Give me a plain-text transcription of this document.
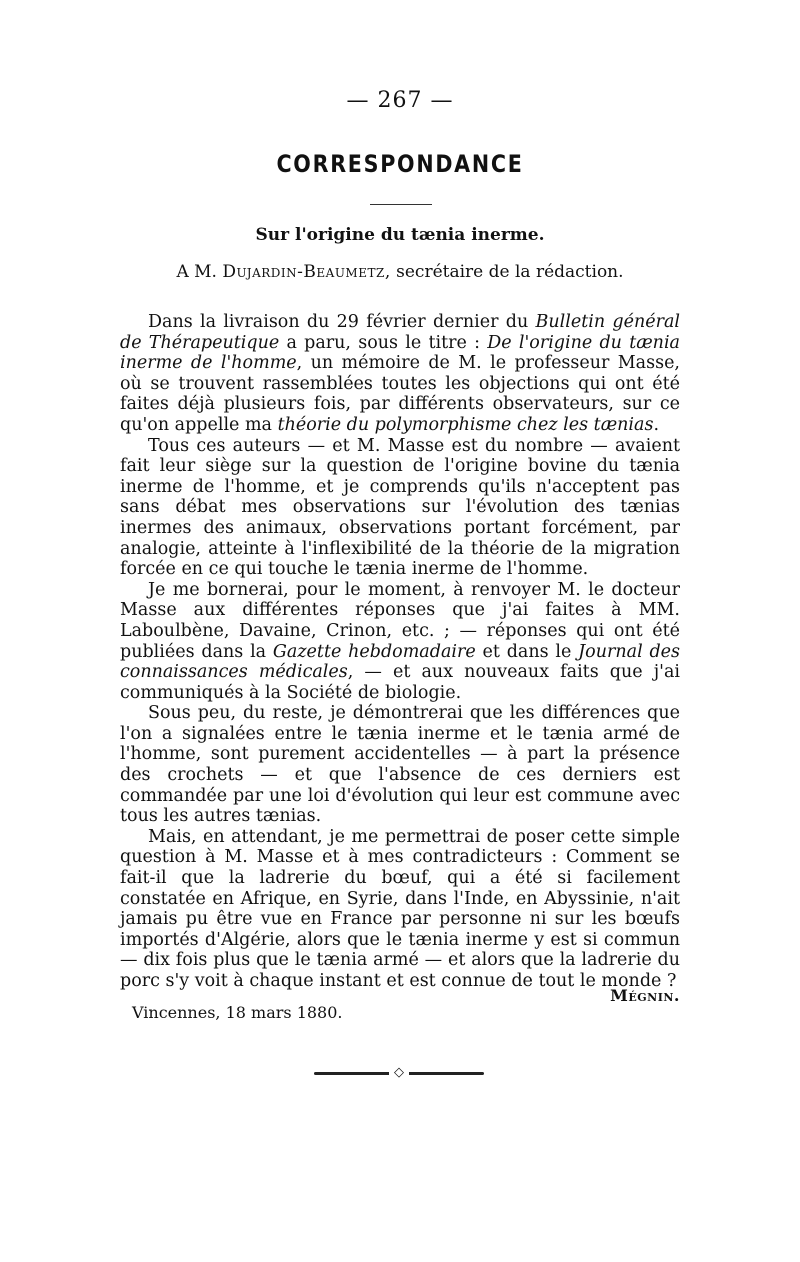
— 267 —
CORRESPONDANCE
Sur l'origine du tænia inerme.
A M. Dujardin-Beaumetz, secrétaire de la rédaction.

Dans la livraison du 29 février dernier du Bulletin général de Thérapeutique a paru, sous le titre : De l'origine du tænia inerme de l'homme, un mémoire de M. le professeur Masse, où se trouvent rassemblées toutes les objections qui ont été faites déjà plusieurs fois, par différents observateurs, sur ce qu'on appelle ma théorie du polymorphisme chez les tænias.

Tous ces auteurs — et M. Masse est du nombre — avaient fait leur siège sur la question de l'origine bovine du tænia inerme de l'homme, et je comprends qu'ils n'acceptent pas sans débat mes observations sur l'évolution des tænias inermes des animaux, observations portant forcément, par analogie, atteinte à l'inflexibilité de la théorie de la migration forcée en ce qui touche le tænia inerme de l'homme.

Je me bornerai, pour le moment, à renvoyer M. le docteur Masse aux différentes réponses que j'ai faites à MM. Laboulbène, Davaine, Crinon, etc. ; — réponses qui ont été publiées dans la Gazette hebdomadaire et dans le Journal des connaissances médicales, — et aux nouveaux faits que j'ai communiqués à la Société de biologie.

Sous peu, du reste, je démontrerai que les différences que l'on a signalées entre le tænia inerme et le tænia armé de l'homme, sont purement accidentelles — à part la présence des crochets — et que l'absence de ces derniers est commandée par une loi d'évolution qui leur est commune avec tous les autres tænias.

Mais, en attendant, je me permettrai de poser cette simple question à M. Masse et à mes contradicteurs : Comment se fait-il que la ladrerie du bœuf, qui a été si facilement constatée en Afrique, en Syrie, dans l'Inde, en Abyssinie, n'ait jamais pu être vue en France par personne ni sur les bœufs importés d'Algérie, alors que le tænia inerme y est si commun — dix fois plus que le tænia armé — et alors que la ladrerie du porc s'y voit à chaque instant et est connue de tout le monde ?

Mégnin.
Vincennes, 18 mars 1880.
◇
